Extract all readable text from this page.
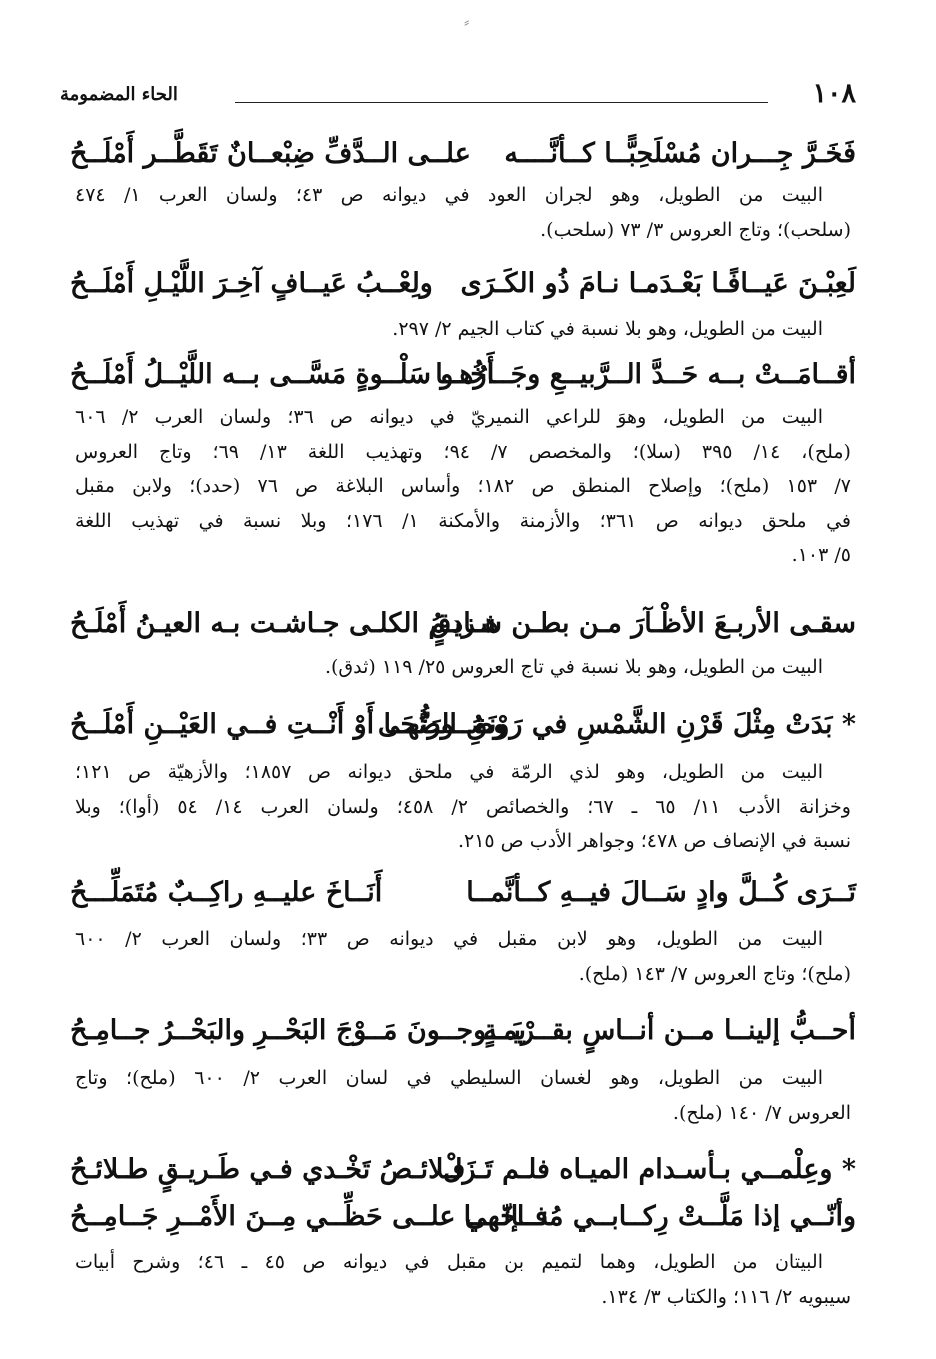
⸗
١٠٨
الحاء المضمومة
فَخَـرَّ جِـــران مُسْلَحِبًّــا كــأنَّــــه
علــى الــدَّفِّ ضِبْعــانٌ تَقَطَّــر أَمْلَــحُ
البيت من الطويل، وهو لجران العود في ديوانه ص ٤٣؛ ولسان العرب ١/ ٤٧٤
(سلحب)؛ وتاج العروس ٣/ ٧٣ (سلحب).
لَعِبْـنَ عَيــافًـا بَعْـدَمـا نـامَ ذُو الكَـرَى
ولِعْــبُ عَيــافٍ آخِـرَ اللَّيْـلِ أَمْلَــحُ
البيت من الطويل، وهو بلا نسبة في كتاب الجيم ٢/ ٢٩٧.
أقــامَــتْ بــه حَــدَّ الــرَّبيــعِ وجَــارُهــا
أَخُــو سَلْــوةٍ مَسَّــى بــه اللَّيْــلُ أَمْلَــحُ
البيت من الطويل، وهوَ للراعي النميريّ في ديوانه ص ٣٦؛ ولسان العرب ٢/ ٦٠٦
(ملح)، ١٤/ ٣٩٥ (سلا)؛ والمخصص ٧/ ٩٤؛ وتهذيب اللغة ١٣/ ٦٩؛ وتاج العروس
٧/ ١٥٣ (ملح)؛ وإصلاح المنطق ص ١٨٢؛ وأساس البلاغة ص ٧٦ (حدد)؛ ولابن مقبل
في ملحق ديوانه ص ٣٦١؛ والأزمنة والأمكنة ١/ ١٧٦؛ وبلا نسبة في تهذيب اللغة
٥/ ١٠٣.
سقـى الأربـعَ الأظْـآرَ مـن بطـن شـادقٍ
هـزيـمُ الكلـى جـاشـت بـه العيـنُ أَمْلَـحُ
البيت من الطويل، وهو بلا نسبة في تاج العروس ٢٥/ ١١٩ (ثدق).
* بَدَتْ مِثْلَ قَرْنِ الشَّمْسِ في رَوْنَقِ الضُّحَى
وصُــورَتُهــا أَوْ أَنْــتِ فــي العَيْــنِ أَمْلَــحُ
البيت من الطويل، وهو لذي الرمّة في ملحق ديوانه ص ١٨٥٧؛ والأزهيّة ص ١٢١؛
وخزانة الأدب ١١/ ٦٥ ـ ٦٧؛ والخصائص ٢/ ٤٥٨؛ ولسان العرب ١٤/ ٥٤ (أوا)؛ وبلا
نسبة في الإنصاف ص ٤٧٨؛ وجواهر الأدب ص ٢١٥.
تَــرَى كُــلَّ وادٍ سَــالَ فيــهِ كــأنَّمــا
أَنَــاخَ عليــهِ راكِــبٌ مُتَمَلِّـــحُ
البيت من الطويل، وهو لابن مقبل في ديوانه ص ٣٣؛ ولسان العرب ٢/ ٦٠٠
(ملح)؛ وتاج العروس ٧/ ١٤٣ (ملح).
أحــبُّ إلينــا مــن أنــاسٍ بقــرْيَــةٍ
يمــوجــونَ مَــوْجَ البَحْــرِ والبَحْــرُ جــامِـحُ
البيت من الطويل، وهو لغسان السليطي في لسان العرب ٢/ ٦٠٠ (ملح)؛ وتاج
العروس ٧/ ١٤٠ (ملح).
* وعِلْمــي بـأسـدام الميـاه فلـم تَـزَلْ
فـلائـصُ تَخْـدي فـي طَـريـقٍ طـلائـحُ
وأنّــي إذا مَلَّــتْ رِكــابــي مُنــاخَهــا
فــإنّــي علــى حَظِّــي مِــنَ الأَمْــرِ جَــامِــحُ
البيتان من الطويل، وهما لتميم بن مقبل في ديوانه ص ٤٥ ـ ٤٦؛ وشرح أبيات
سيبويه ٢/ ١١٦؛ والكتاب ٣/ ١٣٤.
